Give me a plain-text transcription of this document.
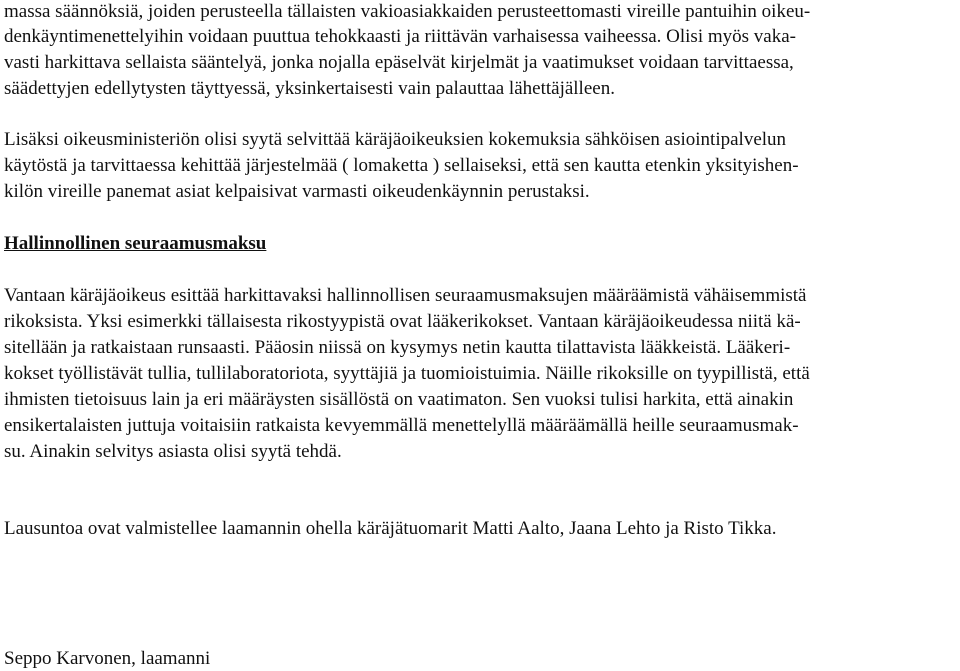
massa säännöksiä, joiden perusteella tällaisten vakioasiakkaiden perusteettomasti vireille pantuihin oikeu-
denkäyntimenettelyihin voidaan puuttua tehokkaasti ja riittävän varhaisessa vaiheessa. Olisi myös vaka-
vasti harkittava sellaista sääntelyä, jonka nojalla epäselvät kirjelmät ja vaatimukset voidaan tarvittaessa,
säädettyjen edellytysten täyttyessä, yksinkertaisesti vain palauttaa lähettäjälleen.
Lisäksi oikeusministeriön olisi syytä selvittää käräjäoikeuksien kokemuksia sähköisen asiointipalvelun
käytöstä ja tarvittaessa kehittää järjestelmää ( lomaketta ) sellaiseksi, että sen kautta etenkin yksityishen-
kilön vireille panemat asiat kelpaisivat varmasti oikeudenkäynnin perustaksi.
Hallinnollinen seuraamusmaksu
Vantaan käräjäoikeus esittää harkittavaksi hallinnollisen seuraamusmaksujen määräämistä vähäisemmistä
rikoksista. Yksi esimerkki tällaisesta rikostyypistä ovat lääkerikokset. Vantaan käräjäoikeudessa niitä kä-
sitellään ja ratkaistaan runsaasti. Pääosin niissä on kysymys netin kautta tilattavista lääkkeistä. Lääkeri-
kokset työllistävät tullia, tullilaboratoriota, syyttäjiä ja tuomioistuimia. Näille rikoksille on tyypillistä, että
ihmisten tietoisuus lain ja eri määräysten sisällöstä on vaatimaton. Sen vuoksi tulisi harkita, että ainakin
ensikertalaisten juttuja voitaisiin ratkaista kevyemmällä menettelyllä määräämällä heille seuraamusmak-
su. Ainakin selvitys asiasta olisi syytä tehdä.
Lausuntoa ovat valmistellee laamannin ohella käräjätuomarit Matti Aalto, Jaana Lehto ja Risto Tikka.
Seppo Karvonen, laamanni
